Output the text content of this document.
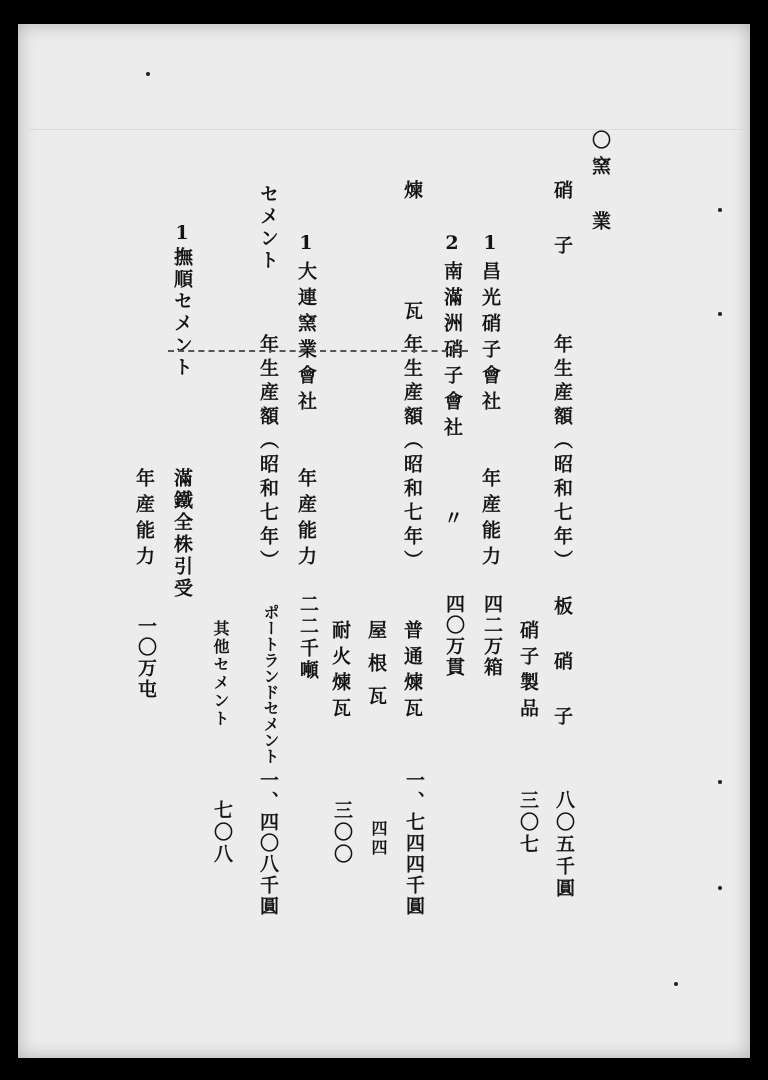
〇窯 業
硝 子
年生産額（昭和七年）
板 硝 子
八〇五千圓
硝子製品
三〇七
1昌光硝子會社
年産能力
四二万箱
2南滿洲硝子會社
〃
四〇万貫
煉 瓦
年生産額（昭和七年）
普通煉瓦
一、七四四千圓
屋根瓦
四四
耐火煉瓦
三〇〇
1大連窯業會社
年産能力
二二千噸
セメント
年生産額（昭和七年）
ポートランドセメント
一、四〇八千圓
其他セメント
七〇八
1撫順セメント
滿鐵全株引受
年産能力
一〇万屯
